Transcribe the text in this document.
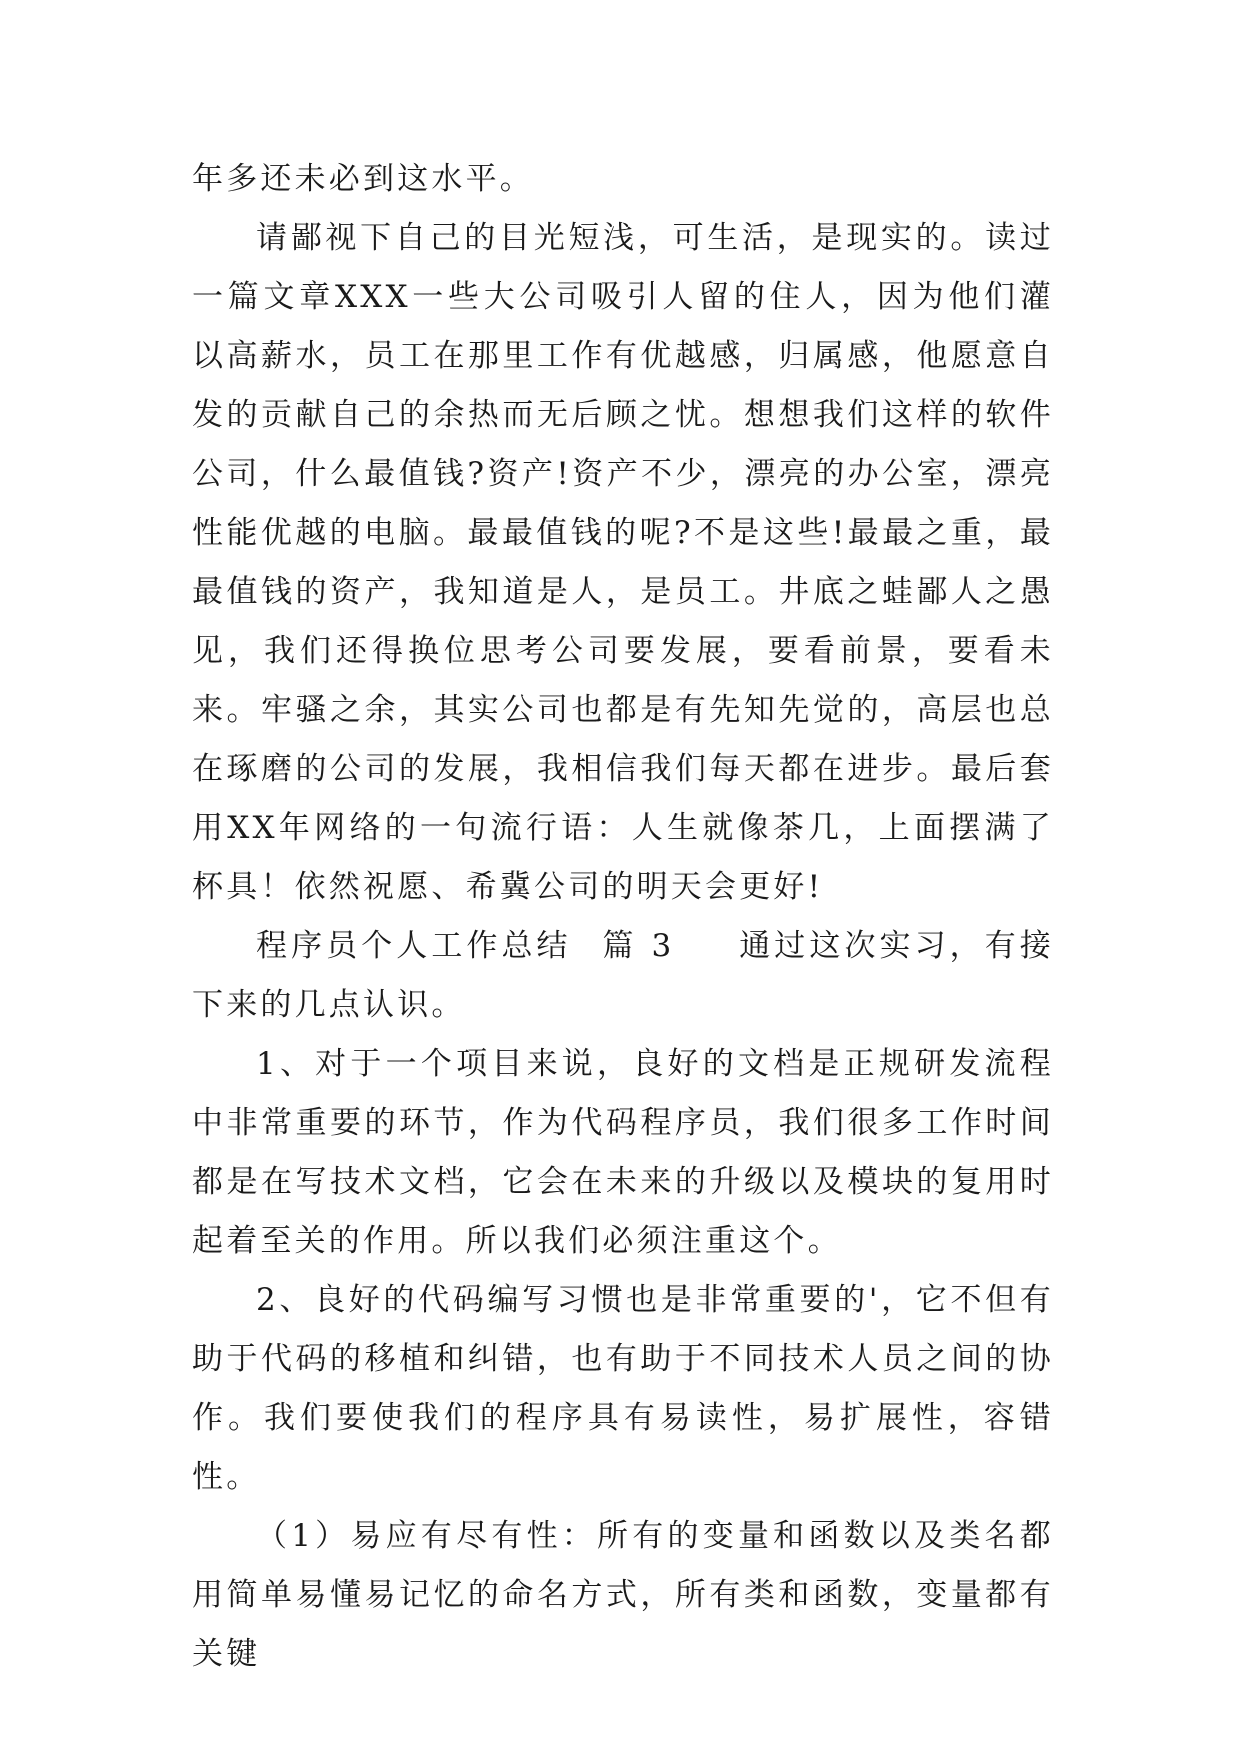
年多还未必到这水平。

请鄙视下自己的目光短浅，可生活，是现实的。读过一篇文章XXX一些大公司吸引人留的住人，因为他们灌以高薪水，员工在那里工作有优越感，归属感，他愿意自发的贡献自己的余热而无后顾之忧。想想我们这样的软件公司，什么最值钱?资产!资产不少，漂亮的办公室，漂亮性能优越的电脑。最最值钱的呢?不是这些!最最之重，最最值钱的资产，我知道是人，是员工。井底之蛙鄙人之愚见，我们还得换位思考公司要发展，要看前景，要看未来。牢骚之余，其实公司也都是有先知先觉的，高层也总在琢磨的公司的发展，我相信我们每天都在进步。最后套用XX年网络的一句流行语：人生就像茶几，上面摆满了杯具！依然祝愿、希冀公司的明天会更好!

程序员个人工作总结 篇 3 通过这次实习，有接下来的几点认识。

1、对于一个项目来说，良好的文档是正规研发流程中非常重要的环节，作为代码程序员，我们很多工作时间都是在写技术文档，它会在未来的升级以及模块的复用时起着至关的作用。所以我们必须注重这个。

2、良好的代码编写习惯也是非常重要的'，它不但有助于代码的移植和纠错，也有助于不同技术人员之间的协作。我们要使我们的程序具有易读性，易扩展性，容错性。

（1）易应有尽有性：所有的变量和函数以及类名都用简单易懂易记忆的命名方式，所有类和函数，变量都有关键
